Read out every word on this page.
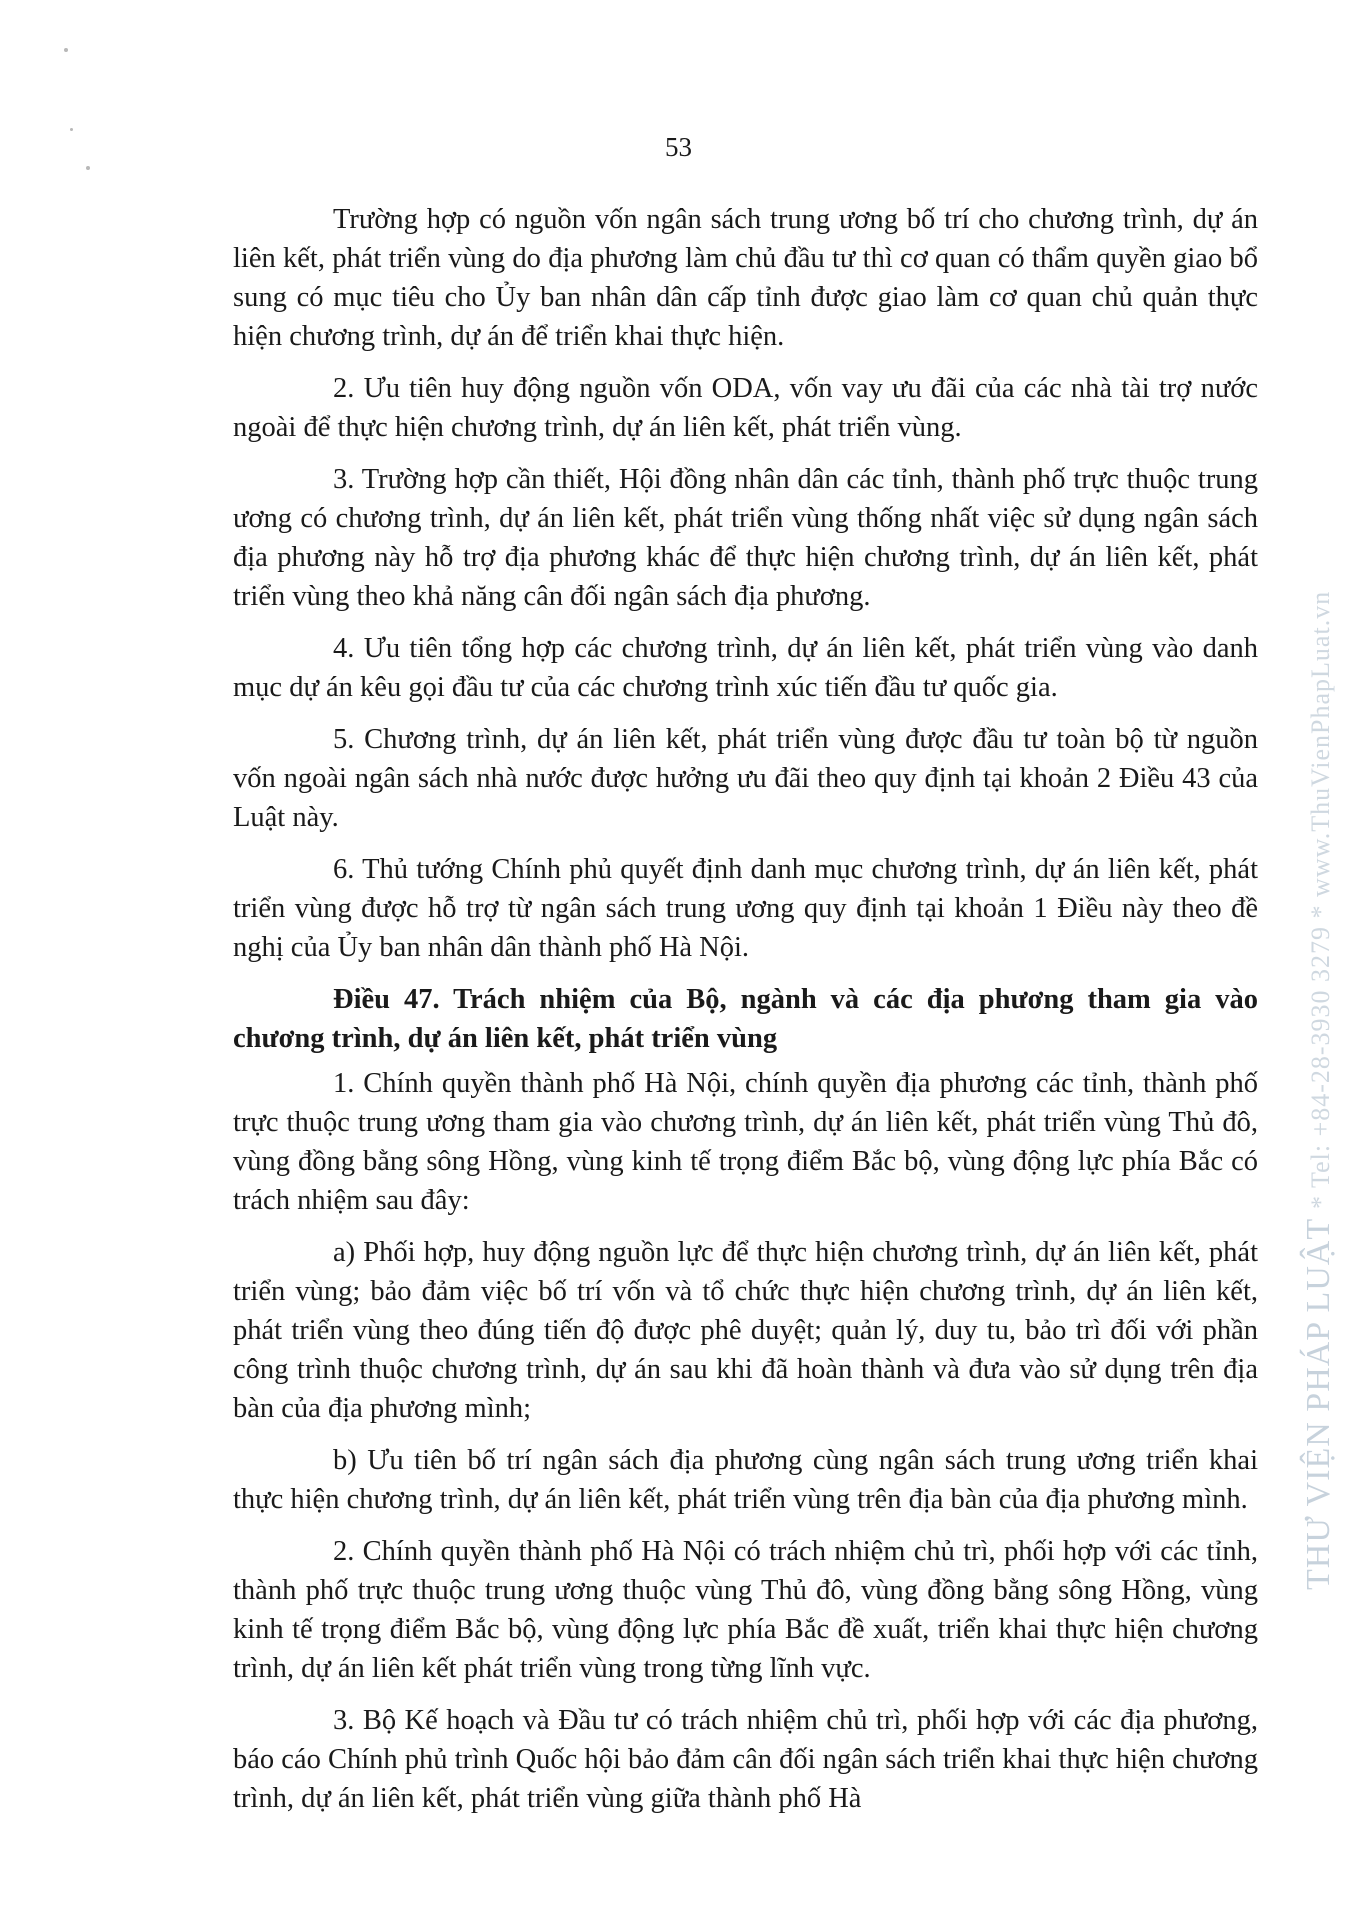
53

Trường hợp có nguồn vốn ngân sách trung ương bố trí cho chương trình, dự án liên kết, phát triển vùng do địa phương làm chủ đầu tư thì cơ quan có thẩm quyền giao bổ sung có mục tiêu cho Ủy ban nhân dân cấp tỉnh được giao làm cơ quan chủ quản thực hiện chương trình, dự án để triển khai thực hiện.

2. Ưu tiên huy động nguồn vốn ODA, vốn vay ưu đãi của các nhà tài trợ nước ngoài để thực hiện chương trình, dự án liên kết, phát triển vùng.

3. Trường hợp cần thiết, Hội đồng nhân dân các tỉnh, thành phố trực thuộc trung ương có chương trình, dự án liên kết, phát triển vùng thống nhất việc sử dụng ngân sách địa phương này hỗ trợ địa phương khác để thực hiện chương trình, dự án liên kết, phát triển vùng theo khả năng cân đối ngân sách địa phương.

4. Ưu tiên tổng hợp các chương trình, dự án liên kết, phát triển vùng vào danh mục dự án kêu gọi đầu tư của các chương trình xúc tiến đầu tư quốc gia.

5. Chương trình, dự án liên kết, phát triển vùng được đầu tư toàn bộ từ nguồn vốn ngoài ngân sách nhà nước được hưởng ưu đãi theo quy định tại khoản 2 Điều 43 của Luật này.

6. Thủ tướng Chính phủ quyết định danh mục chương trình, dự án liên kết, phát triển vùng được hỗ trợ từ ngân sách trung ương quy định tại khoản 1 Điều này theo đề nghị của Ủy ban nhân dân thành phố Hà Nội.

Điều 47. Trách nhiệm của Bộ, ngành và các địa phương tham gia vào chương trình, dự án liên kết, phát triển vùng

1. Chính quyền thành phố Hà Nội, chính quyền địa phương các tỉnh, thành phố trực thuộc trung ương tham gia vào chương trình, dự án liên kết, phát triển vùng Thủ đô, vùng đồng bằng sông Hồng, vùng kinh tế trọng điểm Bắc bộ, vùng động lực phía Bắc có trách nhiệm sau đây:

a) Phối hợp, huy động nguồn lực để thực hiện chương trình, dự án liên kết, phát triển vùng; bảo đảm việc bố trí vốn và tổ chức thực hiện chương trình, dự án liên kết, phát triển vùng theo đúng tiến độ được phê duyệt; quản lý, duy tu, bảo trì đối với phần công trình thuộc chương trình, dự án sau khi đã hoàn thành và đưa vào sử dụng trên địa bàn của địa phương mình;

b) Ưu tiên bố trí ngân sách địa phương cùng ngân sách trung ương triển khai thực hiện chương trình, dự án liên kết, phát triển vùng trên địa bàn của địa phương mình.

2. Chính quyền thành phố Hà Nội có trách nhiệm chủ trì, phối hợp với các tỉnh, thành phố trực thuộc trung ương thuộc vùng Thủ đô, vùng đồng bằng sông Hồng, vùng kinh tế trọng điểm Bắc bộ, vùng động lực phía Bắc đề xuất, triển khai thực hiện chương trình, dự án liên kết phát triển vùng trong từng lĩnh vực.

3. Bộ Kế hoạch và Đầu tư có trách nhiệm chủ trì, phối hợp với các địa phương, báo cáo Chính phủ trình Quốc hội bảo đảm cân đối ngân sách triển khai thực hiện chương trình, dự án liên kết, phát triển vùng giữa thành phố Hà

THƯ VIỆN PHÁP LUẬT * Tel: +84-28-3930 3279 * www.ThuVienPhapLuat.vn
